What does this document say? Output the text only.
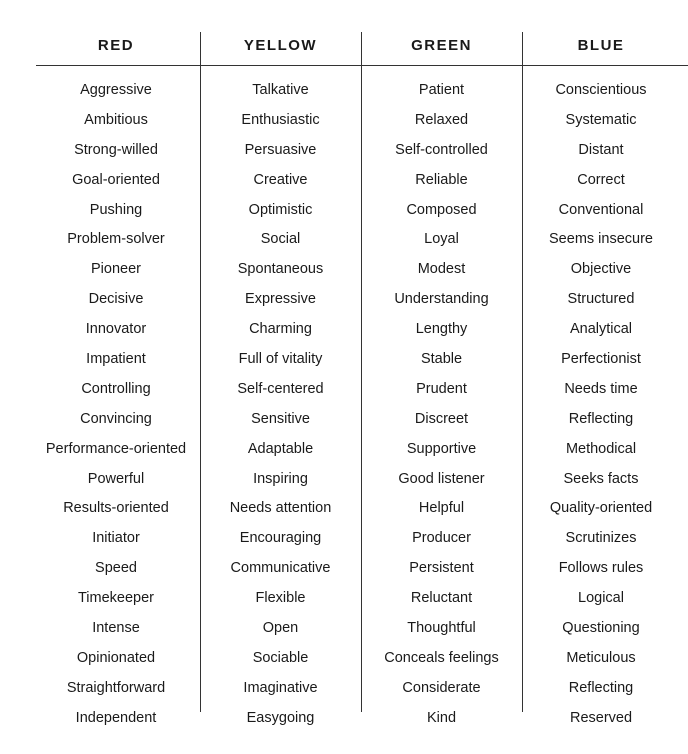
RED
Aggressive
Ambitious
Strong-willed
Goal-oriented
Pushing
Problem-solver
Pioneer
Decisive
Innovator
Impatient
Controlling
Convincing
Performance-oriented
Powerful
Results-oriented
Initiator
Speed
Timekeeper
Intense
Opinionated
Straightforward
Independent
YELLOW
Talkative
Enthusiastic
Persuasive
Creative
Optimistic
Social
Spontaneous
Expressive
Charming
Full of vitality
Self-centered
Sensitive
Adaptable
Inspiring
Needs attention
Encouraging
Communicative
Flexible
Open
Sociable
Imaginative
Easygoing
GREEN
Patient
Relaxed
Self-controlled
Reliable
Composed
Loyal
Modest
Understanding
Lengthy
Stable
Prudent
Discreet
Supportive
Good listener
Helpful
Producer
Persistent
Reluctant
Thoughtful
Conceals feelings
Considerate
Kind
BLUE
Conscientious
Systematic
Distant
Correct
Conventional
Seems insecure
Objective
Structured
Analytical
Perfectionist
Needs time
Reflecting
Methodical
Seeks facts
Quality-oriented
Scrutinizes
Follows rules
Logical
Questioning
Meticulous
Reflecting
Reserved
